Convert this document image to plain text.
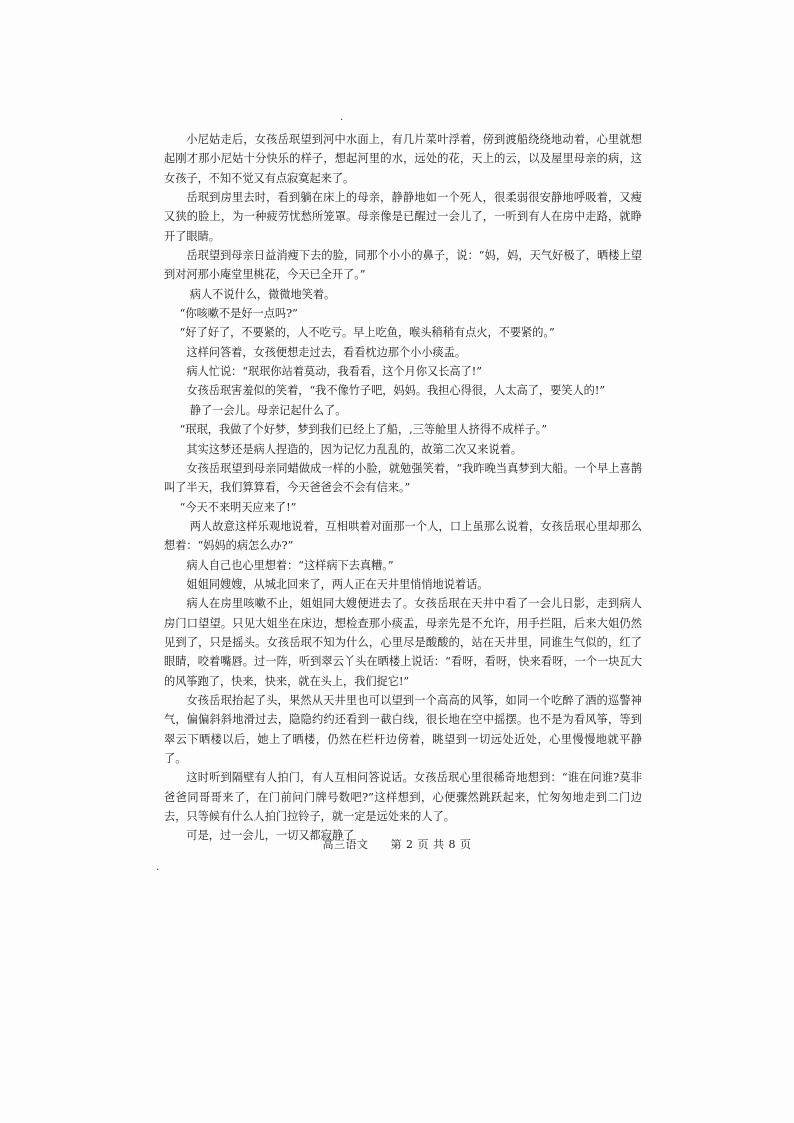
·
·

小尼姑走后，女孩岳珉望到河中水面上，有几片菜叶浮着，傍到渡船绕绕地动着，心里就想起刚才那小尼姑十分快乐的样子，想起河里的水，远处的花，天上的云，以及屋里母亲的病，这女孩子，不知不觉又有点寂寞起来了。

岳珉到房里去时，看到躺在床上的母亲，静静地如一个死人，很柔弱很安静地呼吸着，又瘦又狭的脸上，为一种疲劳忧愁所笼罩。母亲像是已醒过一会儿了，一听到有人在房中走路，就睁开了眼睛。

岳珉望到母亲日益消瘦下去的脸，同那个小小的鼻子，说：“妈，妈，天气好极了，晒楼上望到对河那小庵堂里桃花，今天已全开了。”

病人不说什么，微微地笑着。

“你咳嗽不是好一点吗?”

“好了好了，不要紧的，人不吃亏。早上吃鱼，喉头稍稍有点火，不要紧的。”

这样问答着，女孩便想走过去，看看枕边那个小小痰盂。

病人忙说：“珉珉你站着莫动，我看看，这个月你又长高了!”

女孩岳珉害羞似的笑着，“我不像竹子吧，妈妈。我担心得很，人太高了，要笑人的!”

静了一会儿。母亲记起什么了。

“珉珉，我做了个好梦，梦到我们已经上了船，,三等舱里人挤得不成样子。”

其实这梦还是病人捏造的，因为记忆力乱乱的，故第二次又来说着。

女孩岳珉望到母亲同蜡做成一样的小脸，就勉强笑着，“我昨晚当真梦到大船。一个早上喜鹊叫了半天，我们算算看，今天爸爸会不会有信来。”

“今天不来明天应来了!”

两人故意这样乐观地说着，互相哄着对面那一个人，口上虽那么说着，女孩岳珉心里却那么想着：“妈妈的病怎么办?”

病人自己也心里想着：“这样病下去真糟。”

姐姐同嫂嫂，从城北回来了，两人正在天井里悄悄地说着话。

病人在房里咳嗽不止，姐姐同大嫂便进去了。女孩岳珉在天井中看了一会儿日影，走到病人房门口望望。只见大姐坐在床边，想检查那小痰盂，母亲先是不允许，用手拦阻，后来大姐仍然见到了，只是摇头。女孩岳珉不知为什么，心里尽是酸酸的，站在天井里，同谁生气似的，红了眼睛，咬着嘴唇。过一阵，听到翠云丫头在晒楼上说话：“看呀，看呀，快来看呀，一个一块瓦大的风筝跑了，快来，快来，就在头上，我们捉它!”

女孩岳珉抬起了头，果然从天井里也可以望到一个高高的风筝，如同一个吃醉了酒的巡警神气，偏偏斜斜地滑过去，隐隐约约还看到一截白线，很长地在空中摇摆。也不是为看风筝，等到翠云下晒楼以后，她上了晒楼，仍然在栏杆边傍着，眺望到一切远处近处，心里慢慢地就平静了。

这时听到隔壁有人拍门，有人互相问答说话。女孩岳珉心里很稀奇地想到：“谁在问谁?莫非爸爸同哥哥来了，在门前问门牌号数吧?”这样想到，心便骤然跳跃起来，忙匆匆地走到二门边去，只等候有什么人拍门拉铃子，就一定是远处来的人了。

可是，过一会儿，一切又都寂静了

高三语文 第 2 页 共 8 页
